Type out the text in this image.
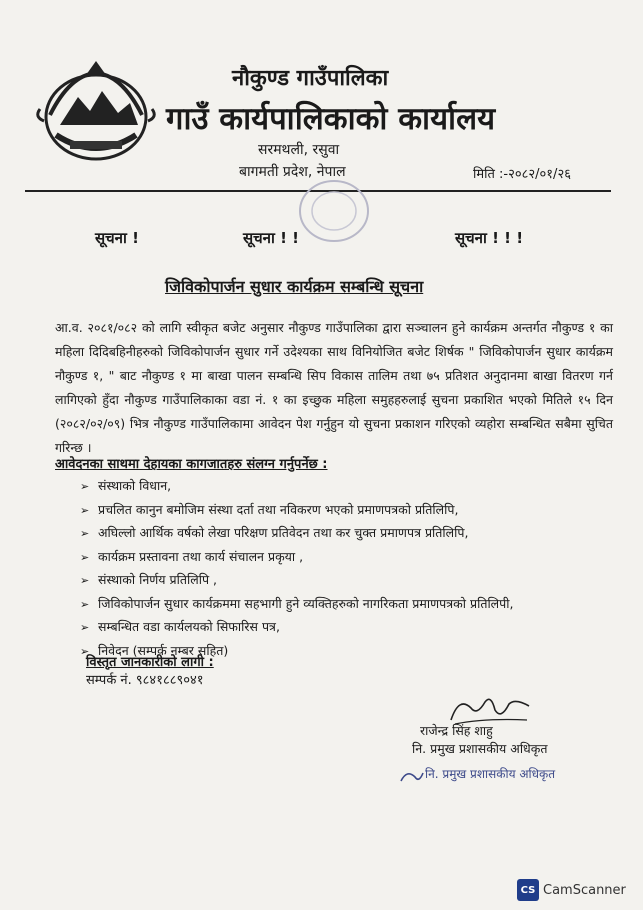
नौकुण्ड गाउँपालिका
गाउँ कार्यपालिकाको कार्यालय
सरमथली, रसुवा
बागमती प्रदेश, नेपाल	मिति :-२०८२/०१/२६
सूचना !	सूचना ! !	सूचना ! ! !
जिविकोपार्जन सुधार कार्यक्रम सम्बन्धि सूचना
आ.व. २०८१/०८२ को लागि स्वीकृत बजेट अनुसार नौकुण्ड गाउँपालिका द्वारा सञ्चालन हुने कार्यक्रम अन्तर्गत नौकुण्ड १ का महिला दिदिबहिनीहरुको जिविकोपार्जन सुधार गर्ने उदेश्यका साथ विनियोजित बजेट शिर्षक " जिविकोपार्जन सुधार कार्यक्रम नौकुण्ड १, " बाट नौकुण्ड १ मा बाखा पालन सम्बन्धि सिप विकास तालिम तथा ७५ प्रतिशत अनुदानमा बाखा वितरण गर्न लागिएको हुँदा नौकुण्ड गाउँपालिकाका वडा नं. १ का इच्छुक महिला समुहहरुलाई सुचना प्रकाशित भएको मितिले १५ दिन (२०८२/०२/०९) भित्र नौकुण्ड गाउँपालिकामा आवेदन पेश गर्नुहुन यो सुचना प्रकाशन गरिएको व्यहोरा सम्बन्धित सबैमा सुचित गरिन्छ ।
आवेदनका साथमा देहायका कागजातहरु संलग्न गर्नुपर्नेछ :
➢ संस्थाको विधान,
➢ प्रचलित कानुन बमोजिम संस्था दर्ता तथा नविकरण भएको प्रमाणपत्रको प्रतिलिपि,
➢ अघिल्लो आर्थिक वर्षको लेखा परिक्षण प्रतिवेदन तथा कर चुक्त प्रमाणपत्र प्रतिलिपि,
➢ कार्यक्रम प्रस्तावना तथा कार्य संचालन प्रकृया ,
➢ संस्थाको निर्णय प्रतिलिपि ,
➢ जिविकोपार्जन सुधार कार्यक्रममा सहभागी हुने व्यक्तिहरुको नागरिकता प्रमाणपत्रको प्रतिलिपी,
➢ सम्बन्धित वडा कार्यलयको सिफारिस पत्र,
➢ निवेदन (सम्पर्क नम्बर सहित)
विस्तृत जानकारीको लागी :
सम्पर्क नं. ९८४१८८९०४१
राजेन्द्र सिंह शाहु
नि. प्रमुख प्रशासकीय अधिकृत
नि. प्रमुख प्रशासकीय अधिकृत
CS CamScanner
